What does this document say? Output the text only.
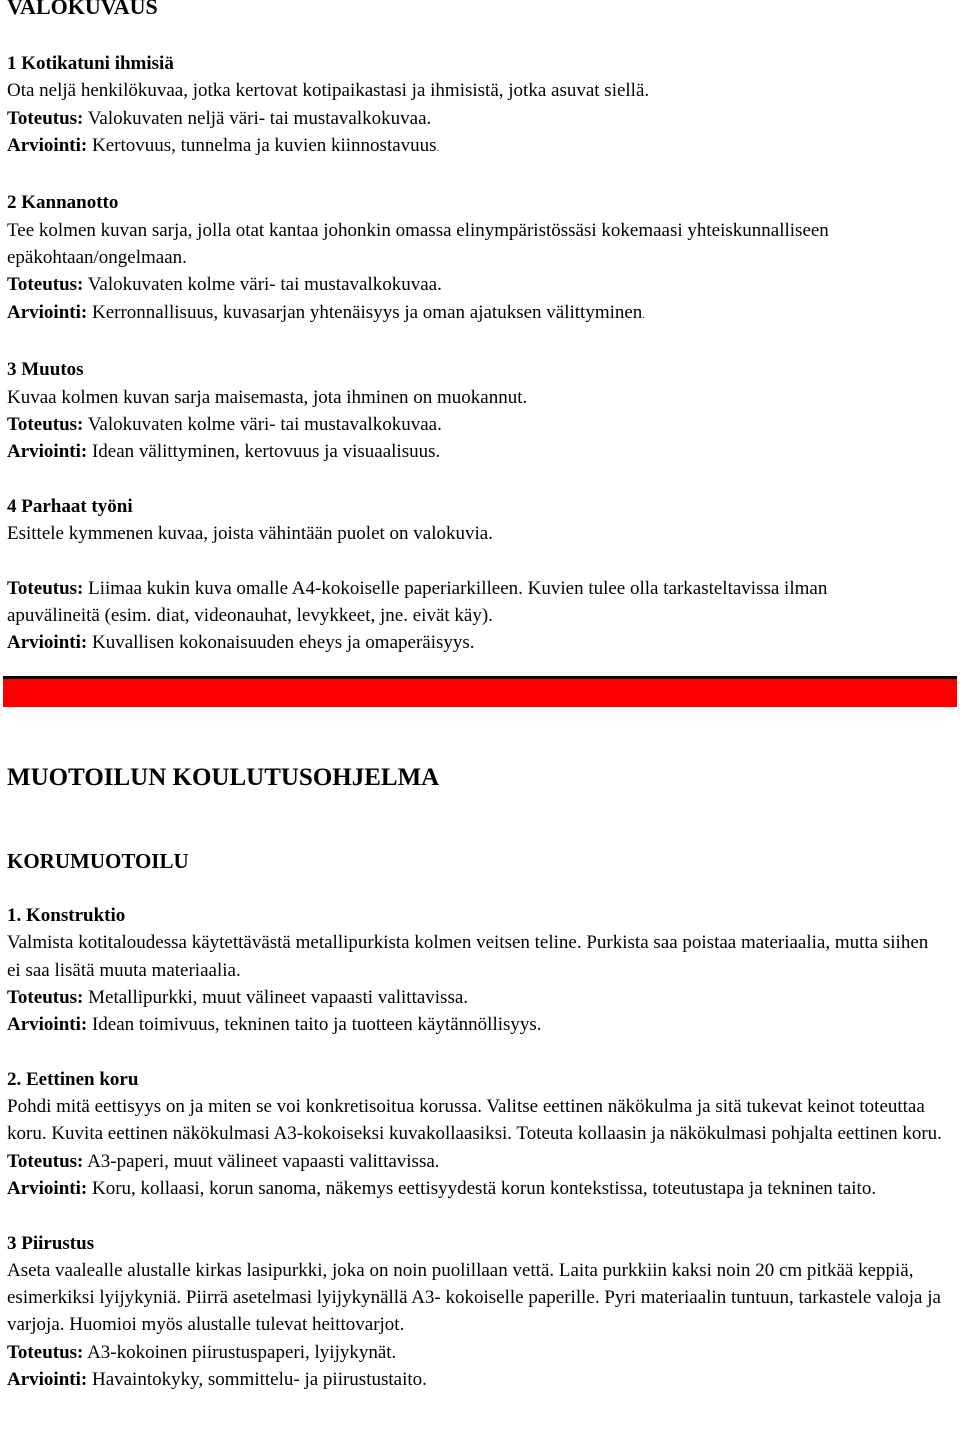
VALOKUVAUS

1 Kotikatuni ihmisiä

Ota neljä henkilökuvaa, jotka kertovat kotipaikastasi ja ihmisistä, jotka asuvat siellä.

Toteutus: Valokuvaten neljä väri- tai mustavalkokuvaa.

Arviointi: Kertovuus, tunnelma ja kuvien kiinnostavuus.

2 Kannanotto

Tee kolmen kuvan sarja, jolla otat kantaa johonkin omassa elinympäristössäsi kokemaasi yhteiskunnalliseen epäkohtaan/ongelmaan.

Toteutus: Valokuvaten kolme väri- tai mustavalkokuvaa.

Arviointi: Kerronnallisuus, kuvasarjan yhtenäisyys ja oman ajatuksen välittyminen.

3 Muutos

Kuvaa kolmen kuvan sarja maisemasta, jota ihminen on muokannut.

Toteutus: Valokuvaten kolme väri- tai mustavalkokuvaa.

Arviointi: Idean välittyminen, kertovuus ja visuaalisuus.

4 Parhaat työni

Esittele kymmenen kuvaa, joista vähintään puolet on valokuvia.

Toteutus: Liimaa kukin kuva omalle A4-kokoiselle paperiarkilleen. Kuvien tulee olla tarkasteltavissa ilman apuvälineitä (esim. diat, videonauhat, levykkeet, jne. eivät käy).

Arviointi: Kuvallisen kokonaisuuden eheys ja omaperäisyys.

MUOTOILUN KOULUTUSOHJELMA
KORUMUOTOILU

1. Konstruktio

Valmista kotitaloudessa käytettävästä metallipurkista kolmen veitsen teline. Purkista saa poistaa materiaalia, mutta siihen ei saa lisätä muuta materiaalia.

Toteutus: Metallipurkki, muut välineet vapaasti valittavissa.

Arviointi: Idean toimivuus, tekninen taito ja tuotteen käytännöllisyys.

2. Eettinen koru

Pohdi mitä eettisyys on ja miten se voi konkretisoitua korussa. Valitse eettinen näkökulma ja sitä tukevat keinot toteuttaa koru. Kuvita eettinen näkökulmasi A3-kokoiseksi kuvakollaasiksi. Toteuta kollaasin ja näkökulmasi pohjalta eettinen koru.

Toteutus: A3-paperi, muut välineet vapaasti valittavissa.

Arviointi: Koru, kollaasi, korun sanoma, näkemys eettisyydestä korun kontekstissa, toteutustapa ja tekninen taito.

3 Piirustus

Aseta vaalealle alustalle kirkas lasipurkki, joka on noin puolillaan vettä. Laita purkkiin kaksi noin 20 cm pitkää keppiä, esimerkiksi lyijykyniä. Piirrä asetelmasi lyijykynällä A3- kokoiselle paperille. Pyri materiaalin tuntuun, tarkastele valoja ja varjoja. Huomioi myös alustalle tulevat heittovarjot.

Toteutus: A3-kokoinen piirustuspaperi, lyijykynät.

Arviointi: Havaintokyky, sommittelu- ja piirustustaito.
